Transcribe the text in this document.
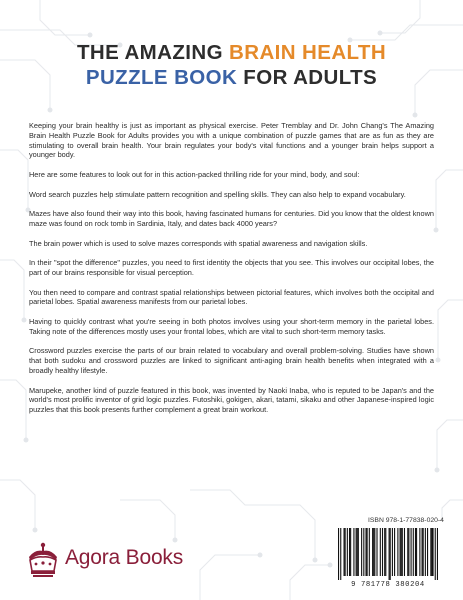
THE AMAZING BRAIN HEALTH
PUZZLE BOOK FOR ADULTS

Keeping your brain healthy is just as important as physical exercise. Peter Tremblay and Dr. John Chang's The Amazing Brain Health Puzzle Book for Adults provides you with a unique combination of puzzle games that are as fun as they are stimulating to overall brain health. Your brain regulates your body's vital functions and a younger brain helps support a younger body.

Here are some features to look out for in this action-packed thrilling ride for your mind, body, and soul:

Word search puzzles help stimulate pattern recognition and spelling skills. They can also help to expand vocabulary.

Mazes have also found their way into this book, having fascinated humans for centuries. Did you know that the oldest known maze was found on rock tomb in Sardinia, Italy, and dates back 4000 years?

The brain power which is used to solve mazes corresponds with spatial awareness and navigation skills.

In their "spot the difference" puzzles, you need to first identity the objects that you see. This involves our occipital lobes, the part of our brains responsible for visual perception.

You then need to compare and contrast spatial relationships between pictorial features, which involves both the occipital and parietal lobes. Spatial awareness manifests from our parietal lobes.

Having to quickly contrast what you're seeing in both photos involves using your short-term memory in the parietal lobes. Taking note of the differences mostly uses your frontal lobes, which are vital to such short-term memory tasks.

Crossword puzzles exercise the parts of our brain related to vocabulary and overall problem-solving. Studies have shown that both sudoku and crossword puzzles are linked to significant anti-aging brain health benefits when integrated with a broadly healthy lifestyle.

Marupeke, another kind of puzzle featured in this book, was invented by Naoki Inaba, who is reputed to be Japan's and the world's most prolific inventor of grid logic puzzles. Futoshiki, gokigen, akari, tatami, sikaku and other Japanese-inspired logic puzzles that this book presents further complement a great brain workout.

ISBN 978-1-77838-020-4
9 781778 380204
Agora Books
